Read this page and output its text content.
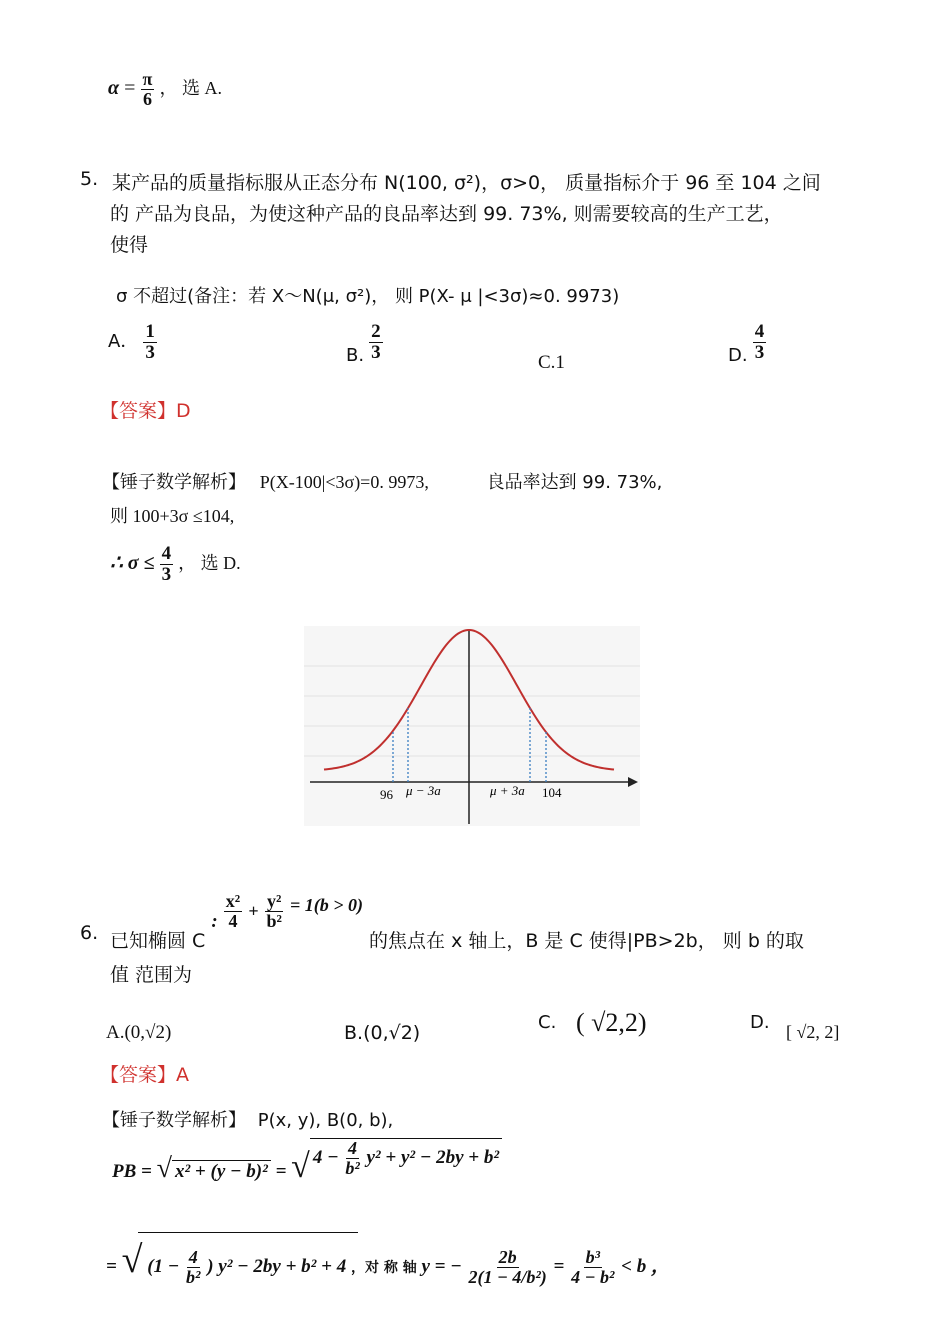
$\alpha = \frac{\pi}{6}$ ， 选 A.
5. 某产品的质量指标服从正态分布 N(100, σ²)，σ>0， 质量指标介于 96 至 104 之间
的 产品为良品，为使这种产品的良品率达到 99. 73%, 则需要较高的生产工艺，
使得
σ 不超过(备注：若 X～N(μ, σ²)， 则 P(X- μ |<3σ)≈0. 9973)
A． $\frac{1}{3}$	B. $\frac{2}{3}$	C.1	D. $\frac{4}{3}$
【答案】D
【锤子数学解析】 P(X-100|<3σ)=0. 9973,	良品率达到 99. 73%,
则 100+3σ ≤104,
∴ $\sigma \le \frac{4}{3}$ ， 选 D.
96 μ − 3a	μ + 3a 104
6. 已知椭圆 C : $\frac{\text{x²}}{4} + \frac{\text{y²}}{\text{b²}} = 1(b > 0)$ 的焦点在 x 轴上，B 是 C 使得|PB>2b， 则 b 的取
值 范围为
A.(0,√2)	B.(0,√2)	C. ( √2,2)	D. [ √2, 2]
【答案】A
【锤子数学解析】 P(x, y), B(0, b),
PB = √ x² + (y − b)² = √ $4 - \frac{4}{\text{b²}} y^2 + y^2 - 2by + b^2$
= √ ($1 - \frac{4}{\text{b²}}$ ) y² − 2by + b² + 4 ，对 称 轴 y = − $\frac{2b}{\text{2(1 − 4/b²)}} = \frac{\text{b³}}{\text{4 − b²}} < b$ ，
